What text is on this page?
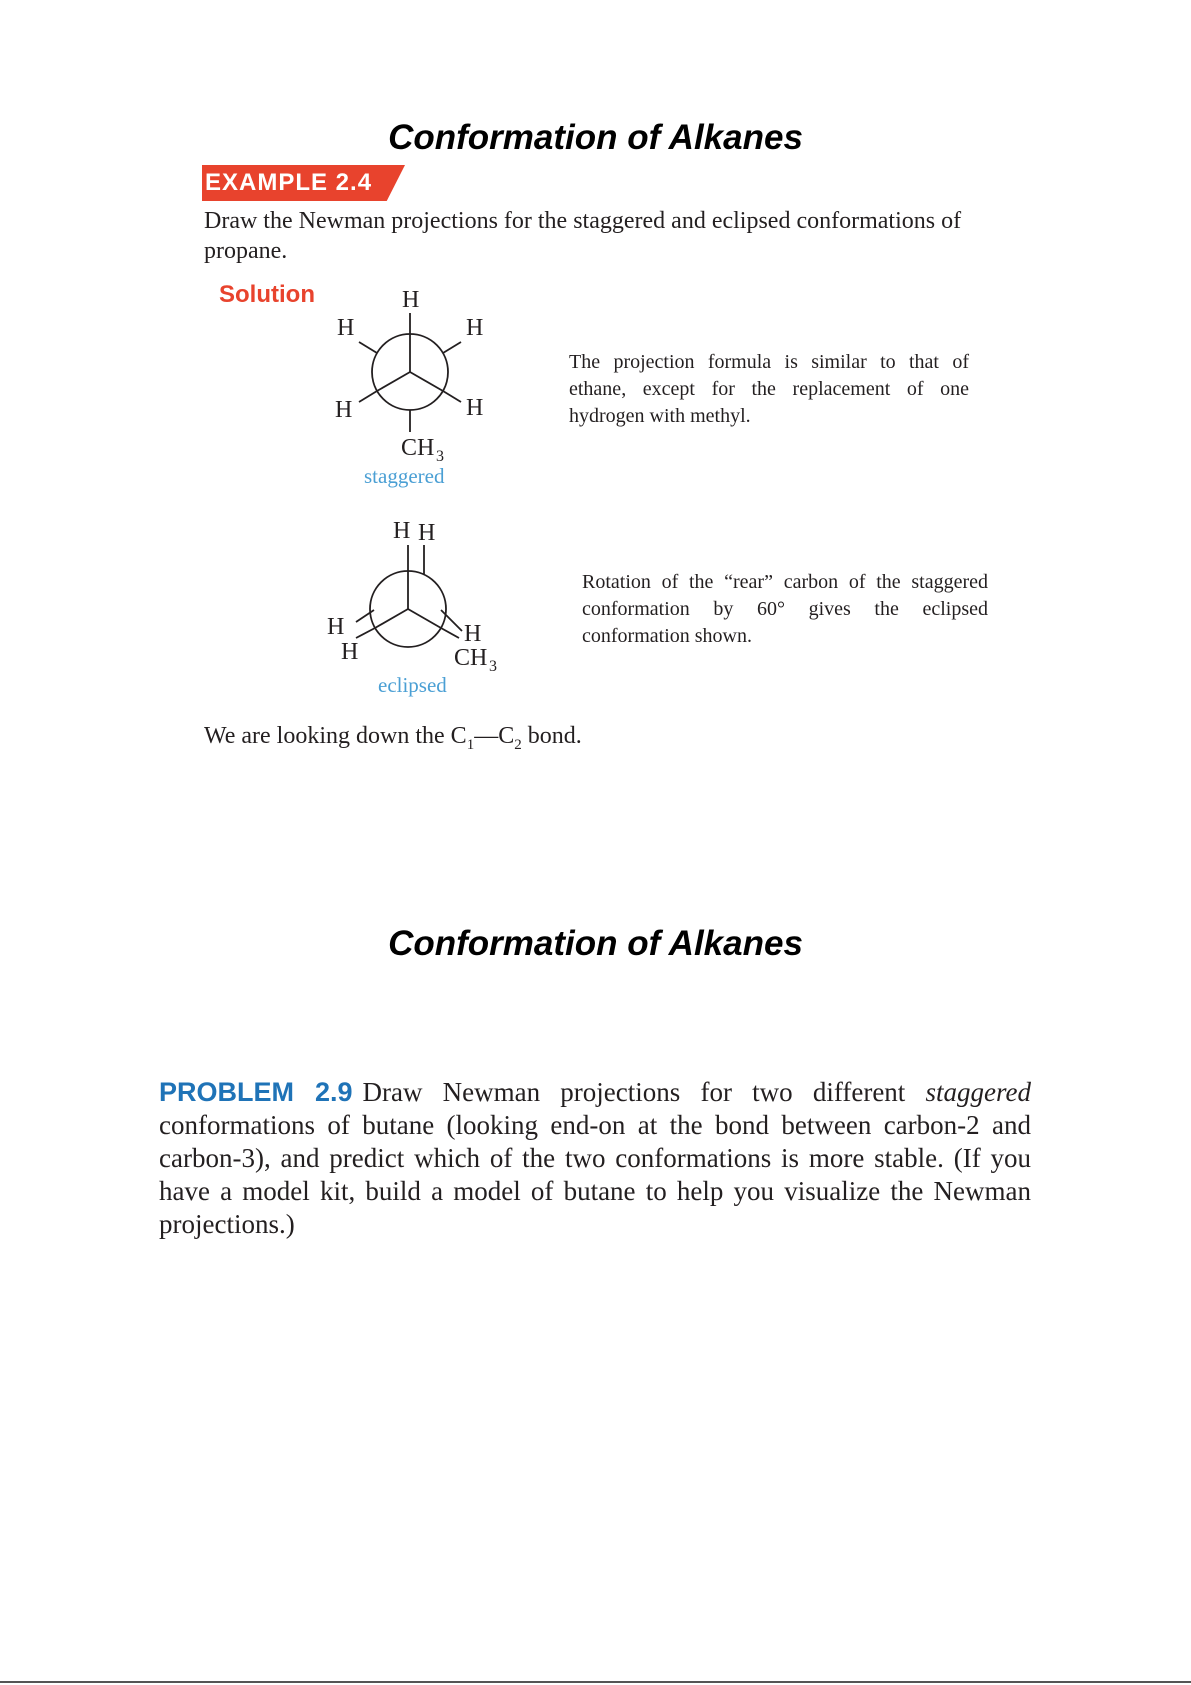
Conformation of Alkanes
EXAMPLE 2.4

Draw the Newman projections for the staggered and eclipsed conformations of propane.

Solution	H
H	H
H	H
CH 3
H H
H
H
H
CH 3

The projection formula is similar to that of ethane, except for the replacement of one hydrogen with methyl.

staggered

Rotation of the “rear” carbon of the staggered conformation by 60° gives the eclipsed conformation shown.

eclipsed

We are looking down the $C_1—C_2$ bond.

Conformation of Alkanes

PROBLEM 2.9 Draw Newman projections for two different staggered conformations of butane (looking end-on at the bond between carbon-2 and carbon-3), and predict which of the two conformations is more stable. (If you have a model kit, build a model of butane to help you visualize the Newman projections.)
